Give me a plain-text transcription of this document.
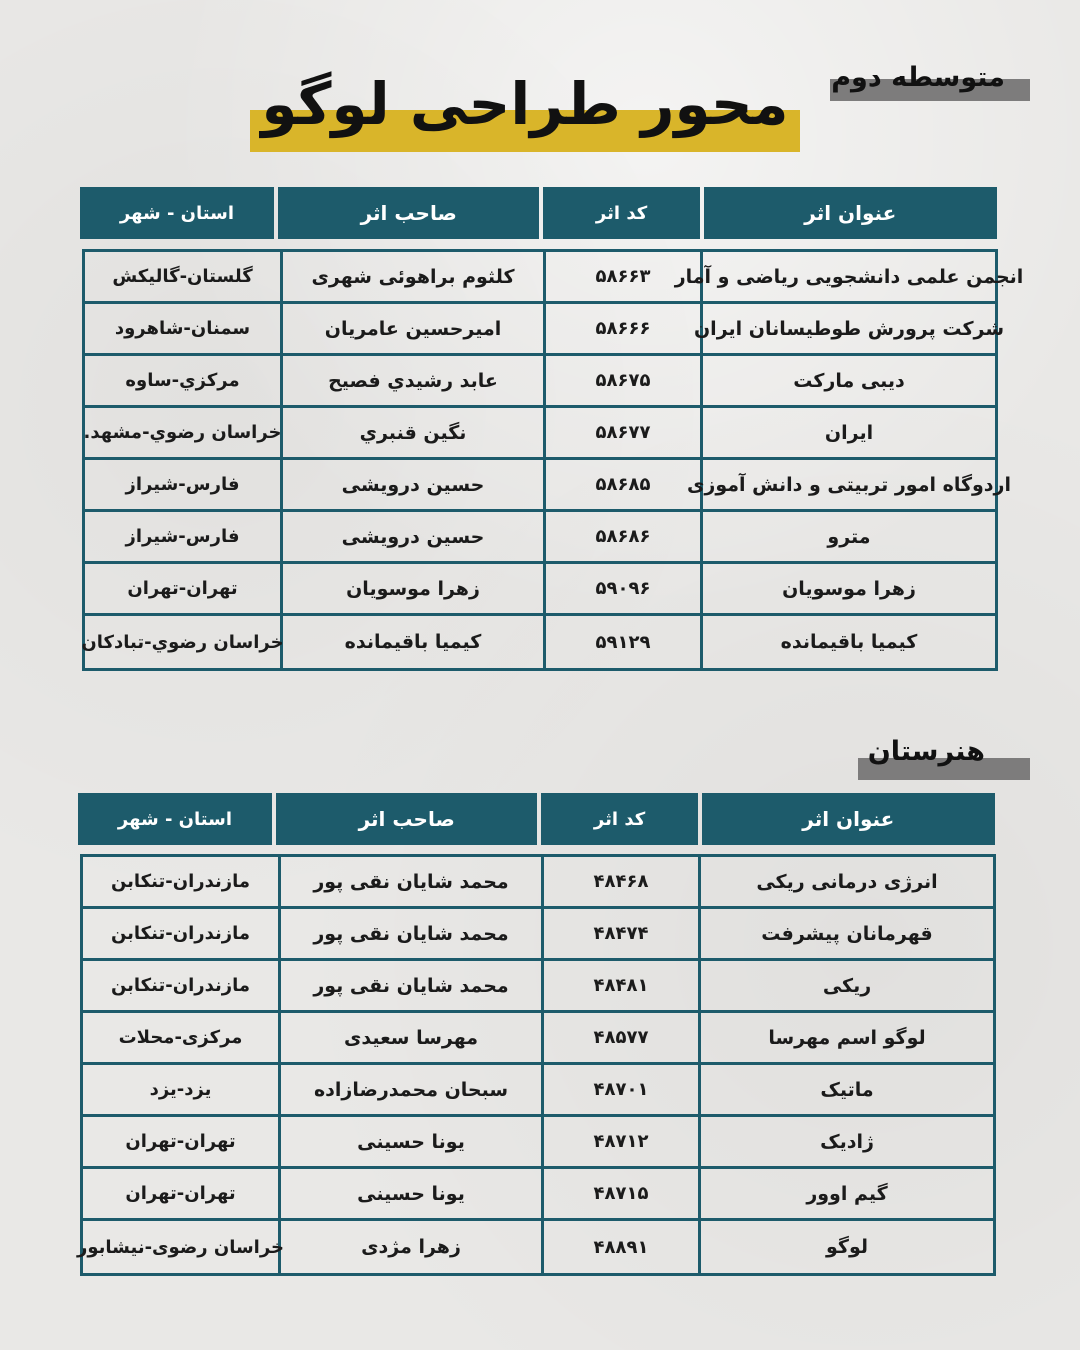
متوسطه دوم
محور طراحی لوگو
عنوان اثر
کد اثر
صاحب اثر
استان - شهر
انجمن علمی دانشجویی ریاضی و آمار
۵۸۶۶۳
کلثوم براهوئی شهری
گلستان-گالیکش
شرکت پرورش طوطیسانان ایران
۵۸۶۶۶
امیرحسین عامریان
سمنان-شاهرود
دیبی مارکت
۵۸۶۷۵
عابد رشيدي فصيح
مركزي-ساوه
ایران
۵۸۶۷۷
نگين قنبري
خراسان رضوي-مشهد.
اردوگاه امور تربیتی و دانش آموزی
۵۸۶۸۵
حسین درویشی
فارس-شیراز
مترو
۵۸۶۸۶
حسین درویشی
فارس-شیراز
زهرا موسویان
۵۹۰۹۶
زهرا موسویان
تهران-تهران
کیمیا باقیمانده
۵۹۱۲۹
کیمیا باقیمانده
خراسان رضوي-تبادكان
هنرستان
عنوان اثر
کد اثر
صاحب اثر
استان - شهر
انرژی درمانی ریکی
۴۸۴۶۸
محمد شایان نقی پور
مازندران-تنکابن
قهرمانان پیشرفت
۴۸۴۷۴
محمد شایان نقی پور
مازندران-تنکابن
ریکی
۴۸۴۸۱
محمد شایان نقی پور
مازندران-تنکابن
لوگو اسم مهرسا
۴۸۵۷۷
مهرسا سعیدی
مرکزی-محلات
ماتیک
۴۸۷۰۱
سبحان محمدرضازاده
یزد-یزد
ژادیک
۴۸۷۱۲
یونا حسینی
تهران-تهران
گیم اوور
۴۸۷۱۵
یونا حسینی
تهران-تهران
لوگو
۴۸۸۹۱
زهرا مژدی
خراسان رضوی-نیشابور
